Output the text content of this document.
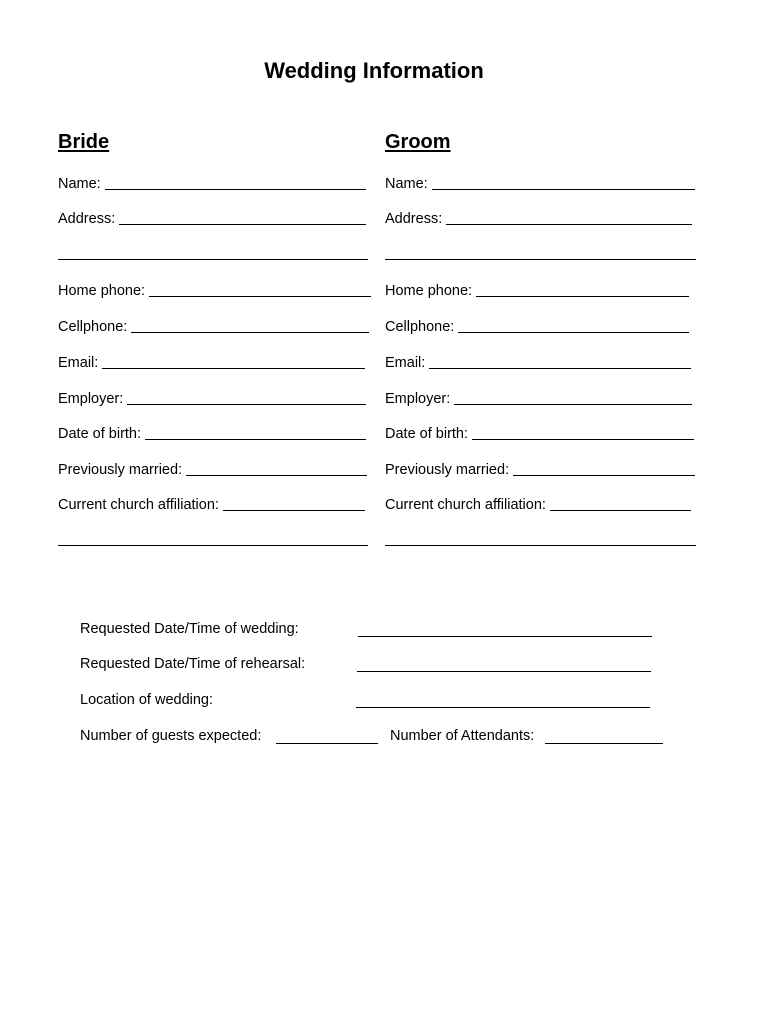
Wedding Information
Bride
Name:
Address:
Home phone:
Cellphone:
Email:
Employer:
Date of birth:
Previously married:
Current church affiliation:
Groom
Name:
Address:
Home phone:
Cellphone:
Email:
Employer:
Date of birth:
Previously married:
Current church affiliation:
Requested Date/Time of wedding:
Requested Date/Time of rehearsal:
Location of wedding:
Number of guests expected:	Number of Attendants:
